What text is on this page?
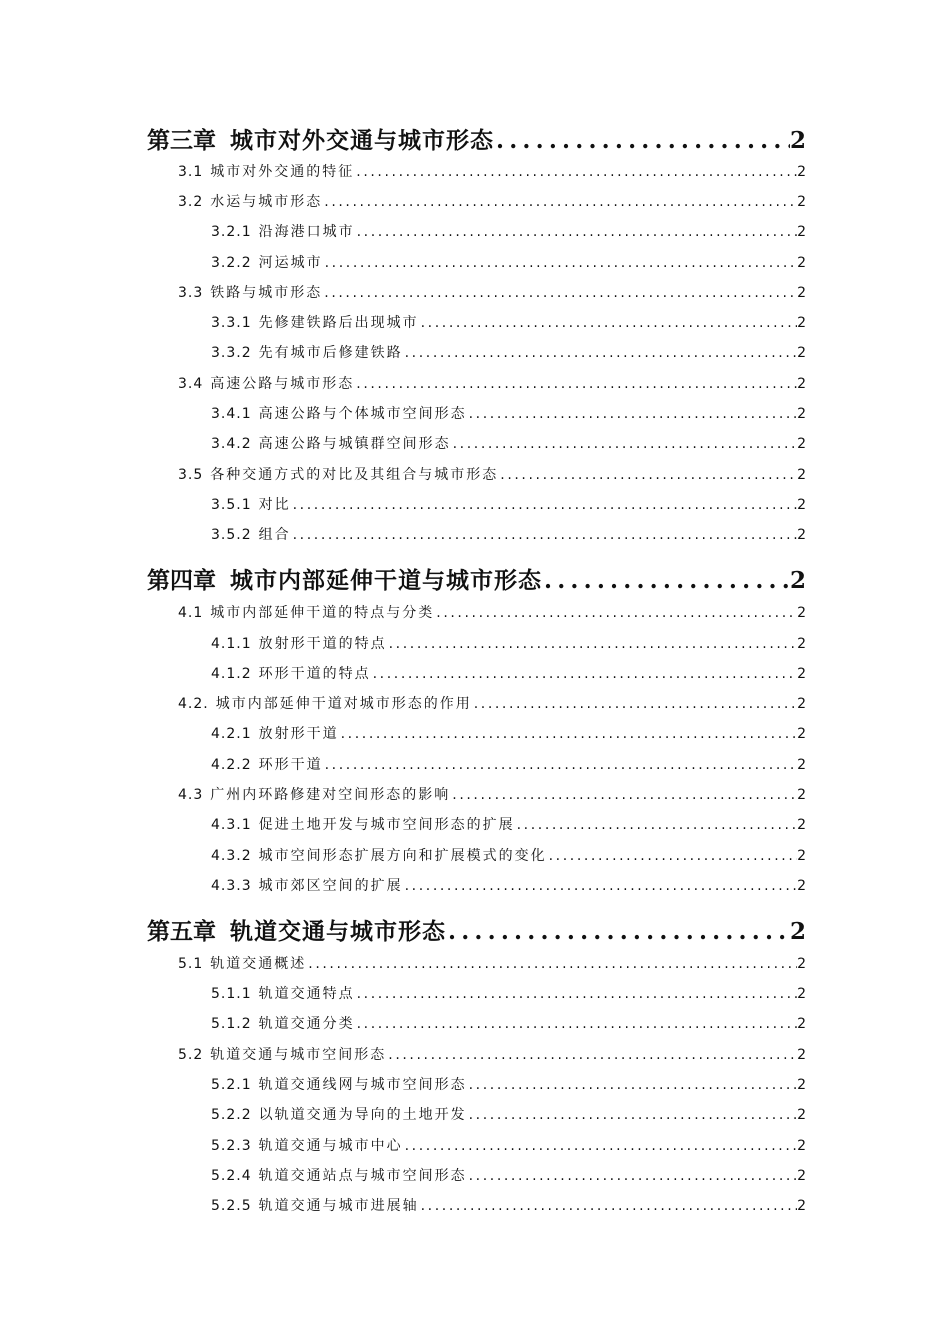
第三章 城市对外交通与城市形态 .....	2
3.1 城市对外交通的特征 .....	2
3.2 水运与城市形态 .....	2
3.2.1 沿海港口城市 .....	2
3.2.2 河运城市 .....	2
3.3 铁路与城市形态 .....	2
3.3.1 先修建铁路后出现城市 .....	2
3.3.2 先有城市后修建铁路 .....	2
3.4 高速公路与城市形态 .....	2
3.4.1 高速公路与个体城市空间形态 .....	2
3.4.2 高速公路与城镇群空间形态 .....	2
3.5 各种交通方式的对比及其组合与城市形态 .....	2
3.5.1 对比 .....	2
3.5.2 组合 .....	2
第四章 城市内部延伸干道与城市形态 .....	2
4.1 城市内部延伸干道的特点与分类 .....	2
4.1.1 放射形干道的特点 .....	2
4.1.2 环形干道的特点 .....	2
4.2. 城市内部延伸干道对城市形态的作用 .....	2
4.2.1 放射形干道 .....	2
4.2.2 环形干道 .....	2
4.3 广州内环路修建对空间形态的影响 .....	2
4.3.1 促进土地开发与城市空间形态的扩展 .....	2
4.3.2 城市空间形态扩展方向和扩展模式的变化 .....	2
4.3.3 城市郊区空间的扩展 .....	2
第五章 轨道交通与城市形态 .....	2
5.1 轨道交通概述 .....	2
5.1.1 轨道交通特点 .....	2
5.1.2 轨道交通分类 .....	2
5.2 轨道交通与城市空间形态 .....	2
5.2.1 轨道交通线网与城市空间形态 .....	2
5.2.2 以轨道交通为导向的土地开发 .....	2
5.2.3 轨道交通与城市中心 .....	2
5.2.4 轨道交通站点与城市空间形态 .....	2
5.2.5 轨道交通与城市进展轴 .....	2
